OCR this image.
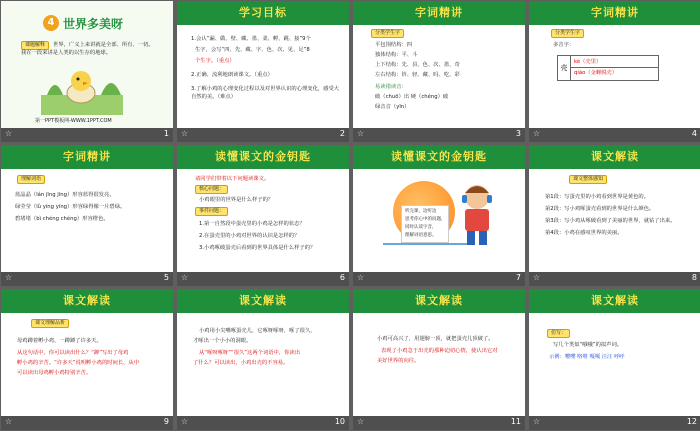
4 世界多美呀
课题解释	世界，广义上来讲就是全部、所有、一切。
我在一段来讲是人类的以生存的地球。
第一PPT模板网-WWW.1PPT.COM
☆	1
学习目标
1.会认“漏、做、壁、藏、墨、柔、孵、跳、接”9个
生字，会写“四、先、藏、字、色、次、见、足”8
个生字。（重点）
2.正确、流利地朗读课文。（重点）
3.了解小鸡的心理变化过程以及对世界认识的心理变化，感受大自然的美。（难点）
☆	2
字词精讲
分类学生字
平包围结构：四
独体结构：平、斗
上下结构：先、县、色、次、墨、奇
左右结构：铃、轻、藏、吗、吃、彩
易读错读音：
破（chuō）出 硬（chéng）破
绿音音（yīn）
☆	3
字词精讲
分类学生字
多音字：
壳
ké（壳里）
qiào（金蝉脱壳）
☆	4
字词精讲
理解词语
蓝晶晶（lán jīng jīng）形容蓝得很发亮。
绿莹莹（lǜ yíng yíng）形容绿得像一片碧绿。
碧堵堵（bì chéng chéng）形容橙色。
☆	5
读懂课文的金钥匙
请同学们带着以下问题读课文。
核心问题：
小鸡眼里的世界是什么样子的？
事件问题：
1.第一自然段中蛋壳里的小鸡是怎样的状态？
2.在蛋壳里的小鸡对世界的认识是怎样的？
3.小鸡啄破蛋壳后看到的世界具体是什么样子的？
☆	6
读懂课文的金钥匙
听完课，边听边
思考你心中的问题，
同时认读字音，
理解词语意思。
☆	7
课文解读
课文整体感知
第1段：写蛋壳里的小鸡看到世界是黄色的。
第2段：写小鸡啄蛋壳看到的世界是什么颜色。
第3段：写小鸡从啄破看到了美丽的世界，就钻了出来。
第4段：小鸡在感叹世界的美丽。
☆	8
课文解读
课文理解品析
母鸡蹲着孵小鸡，一蹲蹲了许多天。
从这句话中，你可以读出什么？“蹲”写出了母鸡
孵小鸡的辛苦。“许多天”说明孵小鸡的时间长，从中
可以读出母鸡孵小鸡特别辛苦。
☆	9
课文解读
小鸡用小尖嘴啄蛋壳儿，它啄呀啄呀，啄了很久，
才啄出一个小小的洞眼。
从“啄呀啄呀”“很久”这两个词语中，你读出
了什么？可以读出，小鸡出壳的不容易。
☆	10
课文解读
小鸡可高兴了，用翅膀一顶，就把蛋壳儿顶破了。
表现了小鸡急于出壳的那种迫切心情，使认出它对
美好世界的向往。
☆	11
课文解读
仿写：
写几个类似“哦哦”的拟声词。
示例：嘤嘤 咯咯 嘎嘎 汪汪 呼呼
☆	12
